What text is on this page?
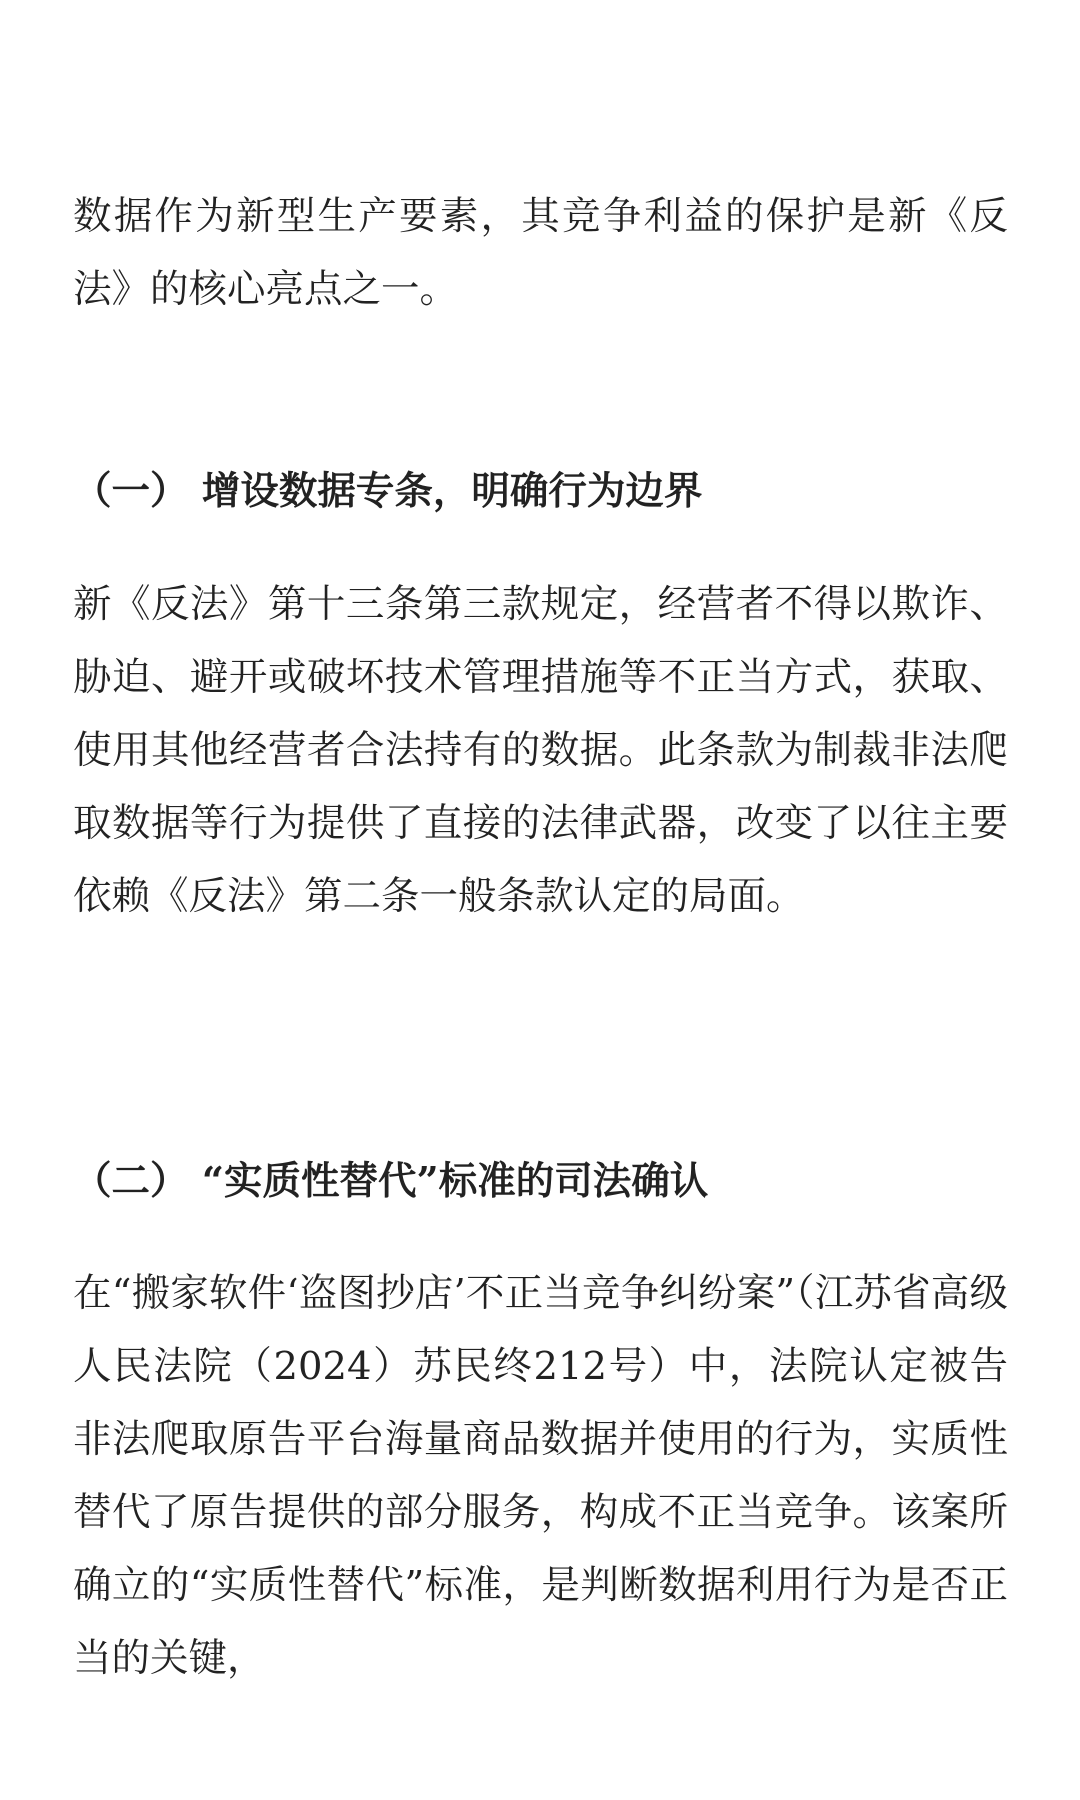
数据作为新型生产要素，其竞争利益的保护是新《反法》的核心亮点之一。

（一） 增设数据专条，明确行为边界

新《反法》第十三条第三款规定，经营者不得以欺诈、胁迫、避开或破坏技术管理措施等不正当方式，获取、使用其他经营者合法持有的数据。此条款为制裁非法爬取数据等行为提供了直接的法律武器，改变了以往主要依赖《反法》第二条一般条款认定的局面。

（二） “实质性替代”标准的司法确认

在“搬家软件‘盗图抄店’不正当竞争纠纷案”（江苏省高级人民法院（2024）苏民终212号）中，法院认定被告非法爬取原告平台海量商品数据并使用的行为，实质性替代了原告提供的部分服务，构成不正当竞争。该案所确立的“实质性替代”标准，是判断数据利用行为是否正当的关键，
